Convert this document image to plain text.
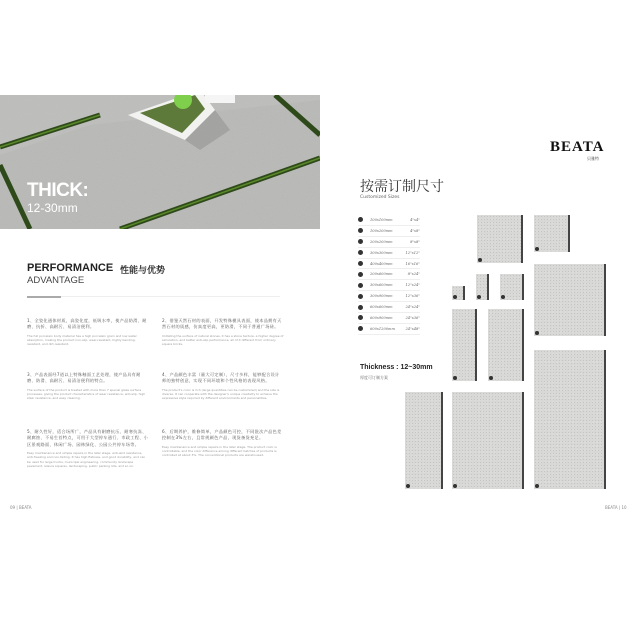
THICK:
12-30mm
PERFORMANCE 性能与优势
ADVANTAGE
1、全瓷化通体材质，高瓷化度，低吸水率，使产品防滑、耐磨、抗折、高耐污、易清洁便利。
The full porcelain body material has a high porcelain grain and low water absorption, making the product non-slip, wear-resistant, highly bending-resistant, and dirt-resistant.
2、借鉴天然石材的表面，开发特殊模具表面，使本品拥有天然石材的质感，仿真度更高，更防滑，不同于普通广场砖。
Imitating the surface of natural stones, it has a stone texture, a higher degree of simulation, and better anti-slip performance, all of it different from ordinary square bricks.
3、产品表面经7道以上特殊釉面工艺处理，使产品具有耐磨、防滑、高耐污、易清洁便利的特点。
The surface of the product is treated with more than 7 special glaze surface processes, giving the product characteristics of wear resistance, anti-slip, high stain resistance, and easy cleaning.
4、产品颜色丰富（量大可定制），尺寸多样，能够配合设计师的独特创意，实现不同环境和个性风格的表现风格。
The product's color is rich (large quantities can be customized) and the size is diverse. It can cooperate with the designer's unique creativity to achieve the expressive style required by different environments and personalities.
5、耐久性好，适合场所广，产品具有耐磨抗压、耐寒抗冻、耐腐蚀、不易生苔特点，可用于大型停车通行、市政工程、小区景观路面、休闲广场、园林绿化、公园公共停车场等。
Easy maintenance and simple repairs in the later stage, anti-skid resistance, anti-freezing and non-fading. It has high flatness, and good durability, and can be used for large trucks, municipal engineering, community landscape pavement, leisure squares, landscaping, public parking lots, and so on.
6、后期养护，维修简单，产品颜色可控，不同批次产品色差控制在3%左右，且常规颜色产品，现货备货充足。
Easy maintenance and simple repairs in the later stage. The product color is controllable, and the color difference among different batches of products is controlled at about 3%. The conventional products are warehoused.
09 | BEATA
BEATA
贝雅特
按需订制尺寸
Customized Sizes
100x100mm	4"x4"
100x200mm	4"x8"
200x200mm	8"x8"
300x300mm	12"x12"
400x400mm	16"x16"
200x600mm	8"x24"
300x600mm	12"x24"
300x900mm	12"x36"
600x600mm	24"x24"
600x900mm	24"x36"
600x1200mm	24"x48"
Thickness : 12~30mm
厚度可订制方案
BEATA | 10
